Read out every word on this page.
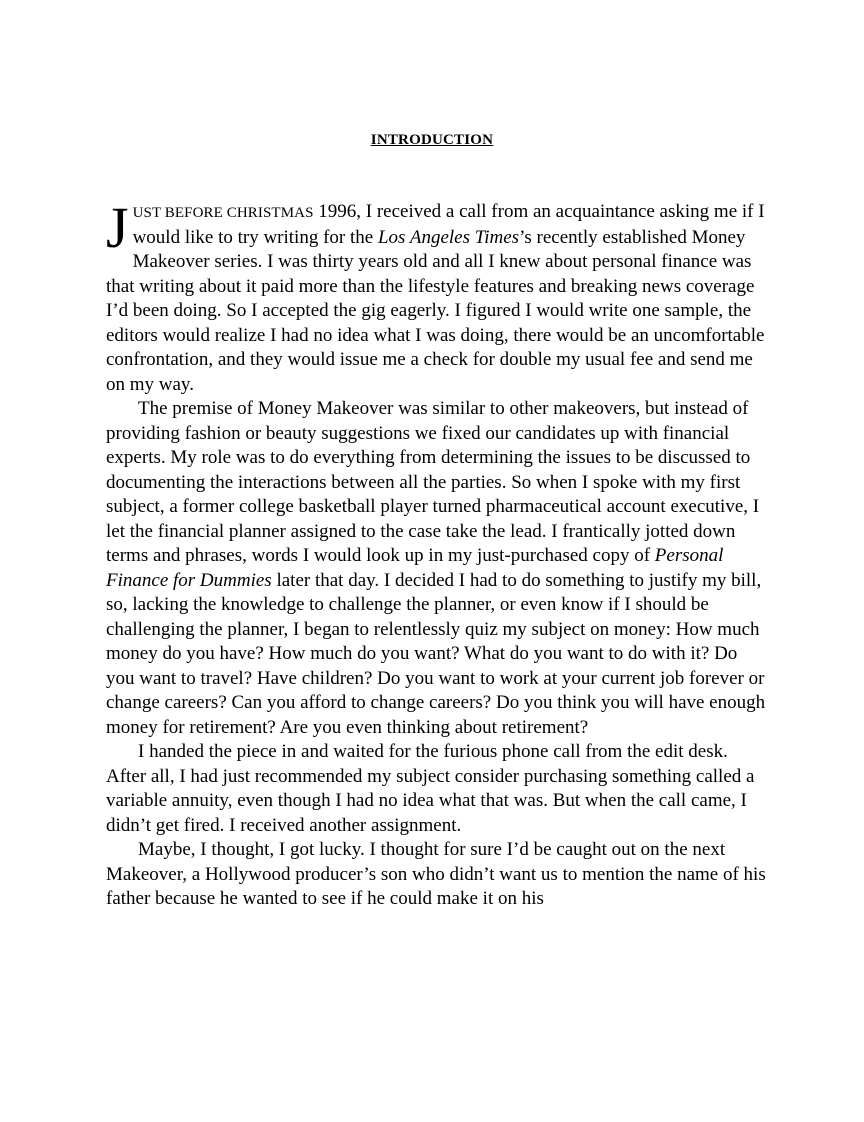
INTRODUCTION

JUST BEFORE CHRISTMAS 1996, I received a call from an acquaintance asking me if I would like to try writing for the Los Angeles Times’s recently established Money Makeover series. I was thirty years old and all I knew about personal finance was that writing about it paid more than the lifestyle features and breaking news coverage I’d been doing. So I accepted the gig eagerly. I figured I would write one sample, the editors would realize I had no idea what I was doing, there would be an uncomfortable confrontation, and they would issue me a check for double my usual fee and send me on my way.

The premise of Money Makeover was similar to other makeovers, but instead of providing fashion or beauty suggestions we fixed our candidates up with financial experts. My role was to do everything from determining the issues to be discussed to documenting the interactions between all the parties. So when I spoke with my first subject, a former college basketball player turned pharmaceutical account executive, I let the financial planner assigned to the case take the lead. I frantically jotted down terms and phrases, words I would look up in my just-purchased copy of Personal Finance for Dummies later that day. I decided I had to do something to justify my bill, so, lacking the knowledge to challenge the planner, or even know if I should be challenging the planner, I began to relentlessly quiz my subject on money: How much money do you have? How much do you want? What do you want to do with it? Do you want to travel? Have children? Do you want to work at your current job forever or change careers? Can you afford to change careers? Do you think you will have enough money for retirement? Are you even thinking about retirement?

I handed the piece in and waited for the furious phone call from the edit desk. After all, I had just recommended my subject consider purchasing something called a variable annuity, even though I had no idea what that was. But when the call came, I didn’t get fired. I received another assignment.

Maybe, I thought, I got lucky. I thought for sure I’d be caught out on the next Makeover, a Hollywood producer’s son who didn’t want us to mention the name of his father because he wanted to see if he could make it on his
